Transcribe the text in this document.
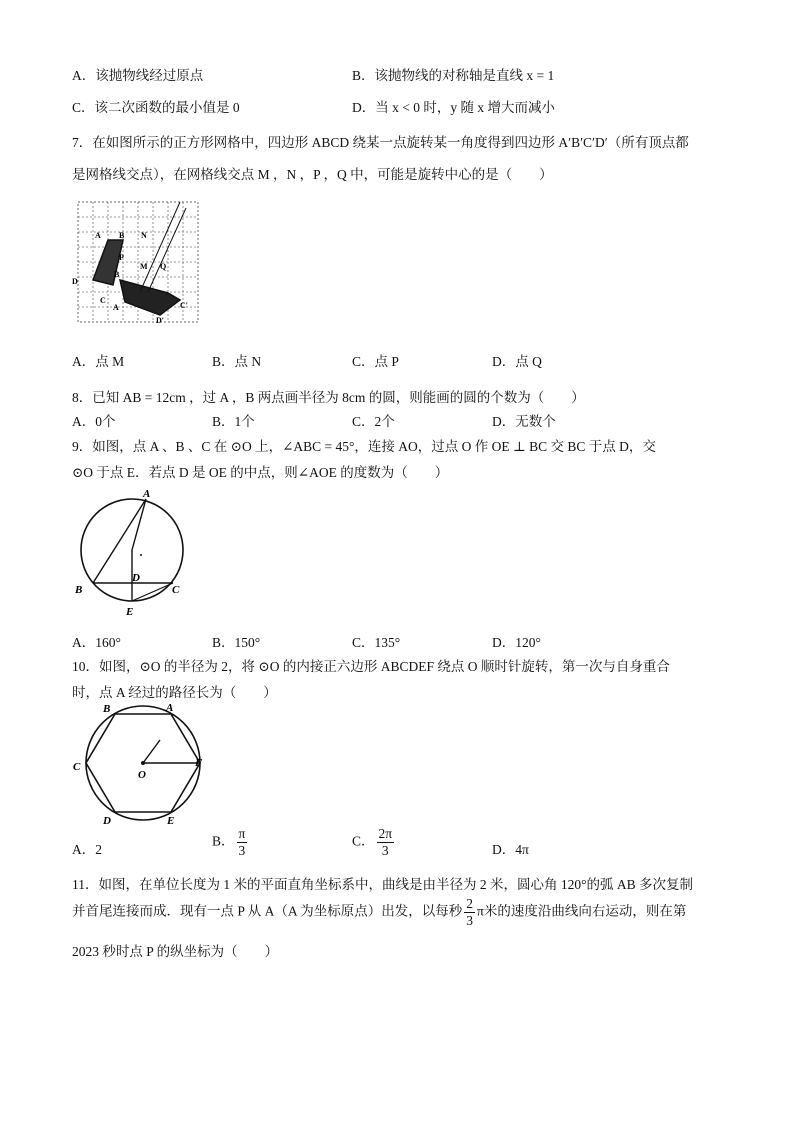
A．该抛物线经过原点	B．该抛物线的对称轴是直线 x = 1
C．该二次函数的最小值是 0	D．当 x < 0 时，y 随 x 增大而减小
7．在如图所示的正方形网格中，四边形 ABCD 绕某一点旋转某一角度得到四边形 A′B′C′D′（所有顶点都
是网格线交点），在网格线交点 M ，N ，P ，Q 中，可能是旋转中心的是（　　）
A B
D
C
N
M
P
Q
B
A	C′
D′
A．点 M	B．点 N	C．点 P	D．点 Q
8．已知 AB = 12cm ，过 A ，B 两点画半径为 8cm 的圆，则能画的圆的个数为（　　）
A．0个	B．1个	C．2个	D．无数个
9．如图，点 A 、B 、C 在 ⊙O 上，∠ABC = 45°，连接 AO，过点 O 作 OE ⊥ BC 交 BC 于点 D，交
⊙O 于点 E．若点 D 是 OE 的中点，则∠AOE 的度数为（　　）
A
B	C
D
E
A．160°	B．150°	C．135°	D．120°
10．如图，⊙O 的半径为 2，将 ⊙O 的内接正六边形 ABCDEF 绕点 O 顺时针旋转，第一次与自身重合
时，点 A 经过的路径长为（　　）
A
B
C
D	E
F
O
A．2
B． $\frac{\pi}{3}$	C． $\frac{2\pi}{3}$	D．4π
11．如图，在单位长度为 1 米的平面直角坐标系中，曲线是由半径为 2 米，圆心角 120°的弧 AB 多次复制
并首尾连接而成．现有一点 P 从 A（A 为坐标原点）出发，以每秒 $\frac{2}{3}$ π米的速度沿曲线向右运动，则在第
2023 秒时点 P 的纵坐标为（　　）
